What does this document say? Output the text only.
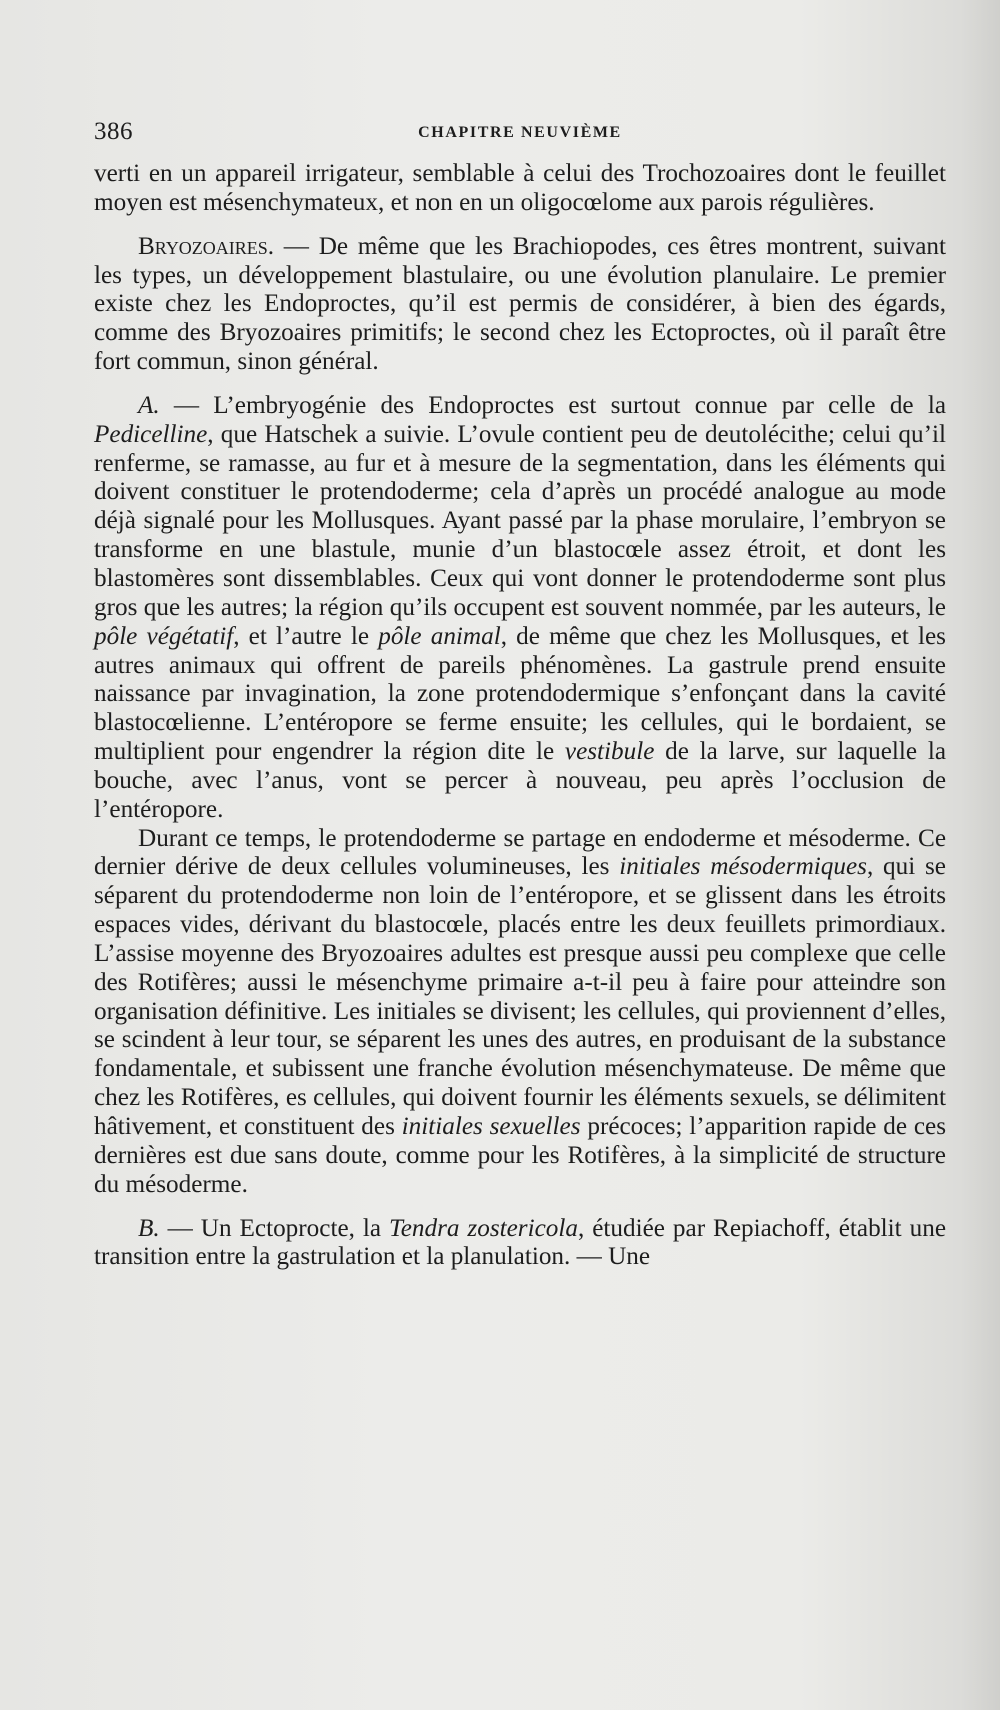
386	CHAPITRE NEUVIÈME

verti en un appareil irrigateur, semblable à celui des Trochozoaires dont le feuillet moyen est mésenchymateux, et non en un oligocœlome aux parois régulières.

Bryozoaires. — De même que les Brachiopodes, ces êtres montrent, suivant les types, un développement blastulaire, ou une évolution planulaire. Le premier existe chez les Endoproctes, qu’il est permis de considérer, à bien des égards, comme des Bryozoaires primitifs; le second chez les Ectoproctes, où il paraît être fort commun, sinon général.

A. — L’embryogénie des Endoproctes est surtout connue par celle de la Pedicelline, que Hatschek a suivie. L’ovule contient peu de deutolécithe; celui qu’il renferme, se ramasse, au fur et à mesure de la segmentation, dans les éléments qui doivent constituer le protendoderme; cela d’après un procédé analogue au mode déjà signalé pour les Mollusques. Ayant passé par la phase morulaire, l’embryon se transforme en une blastule, munie d’un blastocœle assez étroit, et dont les blastomères sont dissemblables. Ceux qui vont donner le protendoderme sont plus gros que les autres; la région qu’ils occupent est souvent nommée, par les auteurs, le pôle végétatif, et l’autre le pôle animal, de même que chez les Mollusques, et les autres animaux qui offrent de pareils phénomènes. La gastrule prend ensuite naissance par invagination, la zone protendodermique s’enfonçant dans la cavité blastocœlienne. L’entéropore se ferme ensuite; les cellules, qui le bordaient, se multiplient pour engendrer la région dite le vestibule de la larve, sur laquelle la bouche, avec l’anus, vont se percer à nouveau, peu après l’occlusion de l’entéropore.

Durant ce temps, le protendoderme se partage en endoderme et mésoderme. Ce dernier dérive de deux cellules volumineuses, les initiales mésodermiques, qui se séparent du protendoderme non loin de l’entéropore, et se glissent dans les étroits espaces vides, dérivant du blastocœle, placés entre les deux feuillets primordiaux. L’assise moyenne des Bryozoaires adultes est presque aussi peu complexe que celle des Rotifères; aussi le mésenchyme primaire a-t-il peu à faire pour atteindre son organisation définitive. Les initiales se divisent; les cellules, qui proviennent d’elles, se scindent à leur tour, se séparent les unes des autres, en produisant de la substance fondamentale, et subissent une franche évolution mésenchymateuse. De même que chez les Rotifères, es cellules, qui doivent fournir les éléments sexuels, se délimitent hâtivement, et constituent des initiales sexuelles précoces; l’apparition rapide de ces dernières est due sans doute, comme pour les Rotifères, à la simplicité de structure du mésoderme.

B. — Un Ectoprocte, la Tendra zostericola, étudiée par Repiachoff, établit une transition entre la gastrulation et la planulation. — Une
